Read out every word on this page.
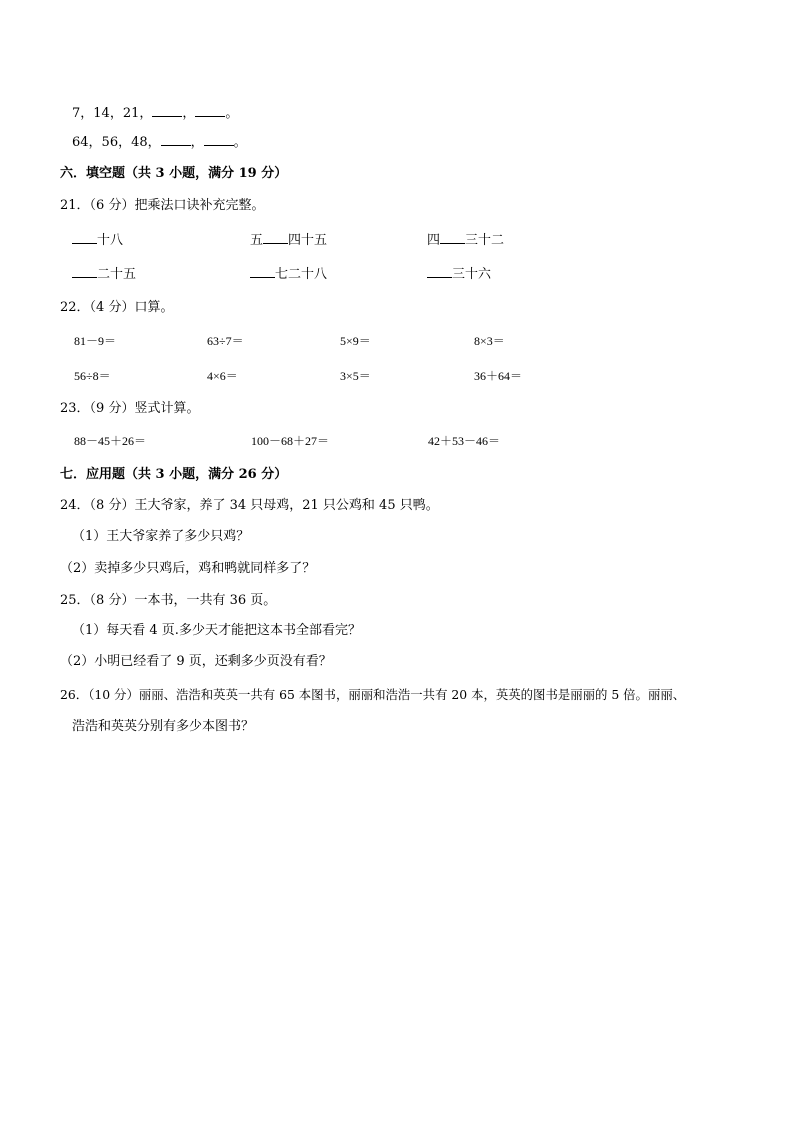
7，14，21， ， 。
64，56，48， ， 。
六．填空题（共 3 小题，满分 19 分）
21．（6 分）把乘法口诀补充完整。
十八	五 四十五	四 三十二
二十五	七二十八	三十六
22．（4 分）口算。
81－9＝	63÷7＝	5×9＝	8×3＝
56÷8＝	4×6＝	3×5＝	36＋64＝
23．（9 分）竖式计算。
88－45＋26＝	100－68＋27＝	42＋53－46＝
七．应用题（共 3 小题，满分 26 分）
24．（8 分）王大爷家，养了 34 只母鸡，21 只公鸡和 45 只鸭。
（1）王大爷家养了多少只鸡？
（2）卖掉多少只鸡后，鸡和鸭就同样多了？
25．（8 分）一本书，一共有 36 页。
（1）每天看 4 页.多少天才能把这本书全部看完？
（2）小明已经看了 9 页，还剩多少页没有看？
26．（10 分）丽丽、浩浩和英英一共有 65 本图书，丽丽和浩浩一共有 20 本，英英的图书是丽丽的 5 倍。丽丽、
浩浩和英英分别有多少本图书？
